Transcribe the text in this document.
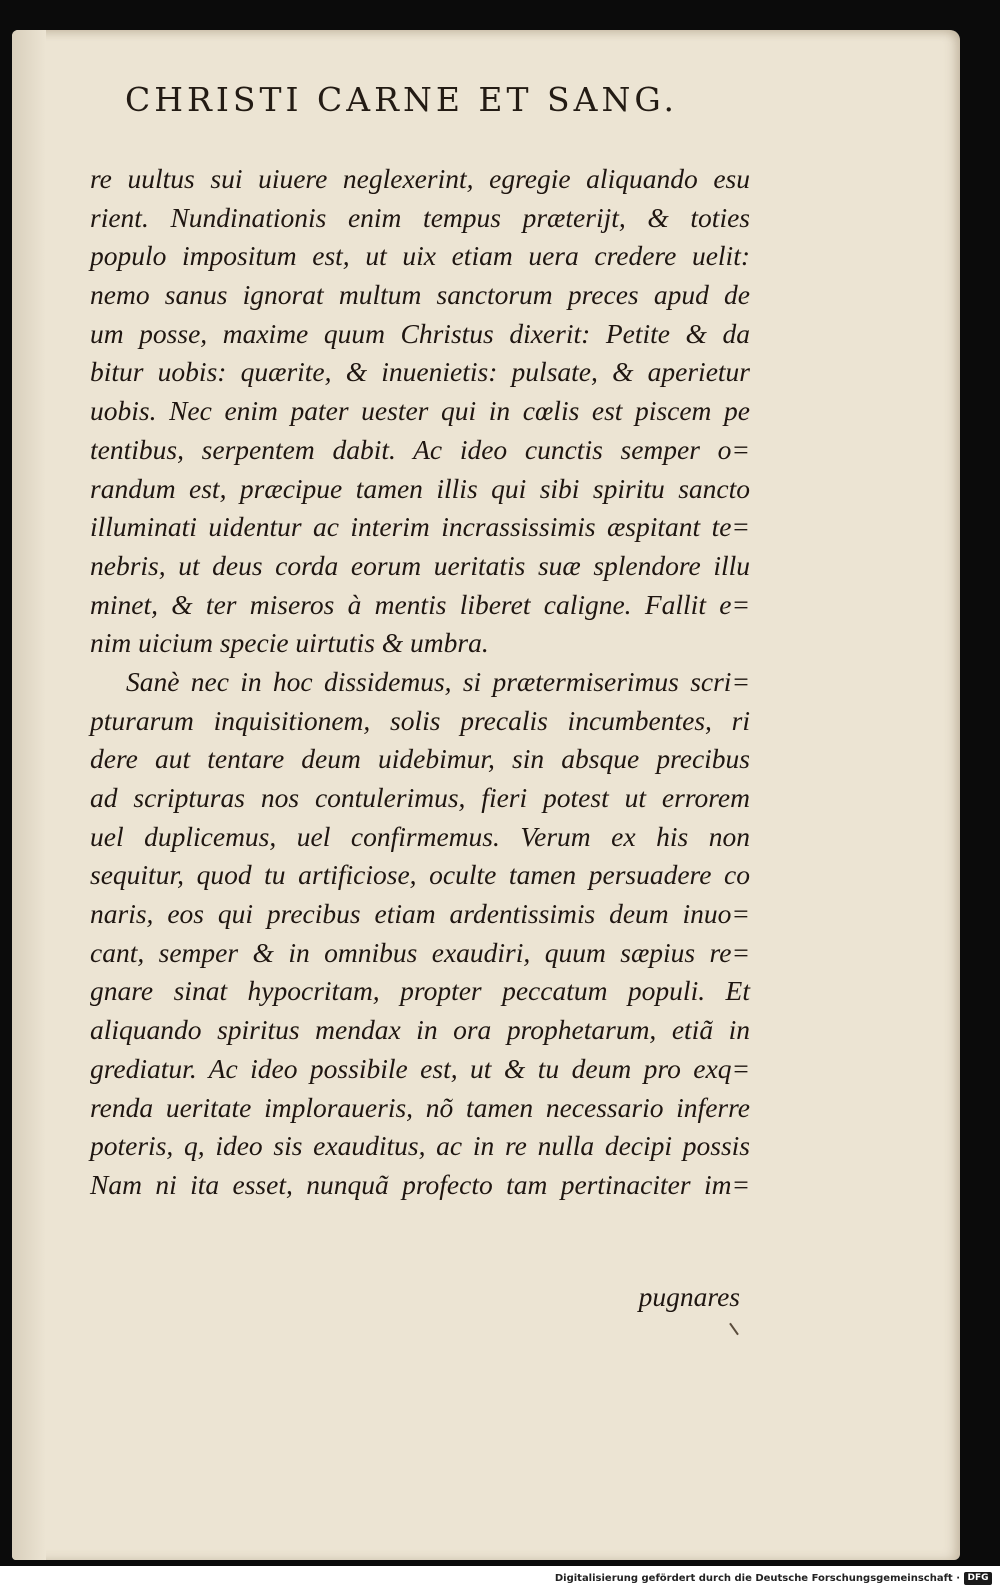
CHRISTI CARNE ET SANG.
re uultus sui uiuere neglexerint, egregie aliquando esu
rient. Nundinationis enim tempus præterijt, & toties
populo impositum est, ut uix etiam uera credere uelit:
nemo sanus ignorat multum sanctorum preces apud de
um posse, maxime quum Christus dixerit: Petite & da
bitur uobis: quærite, & inuenietis: pulsate, & aperietur
uobis. Nec enim pater uester qui in cœlis est piscem pe
tentibus, serpentem dabit. Ac ideo cunctis semper o=
randum est, præcipue tamen illis qui sibi spiritu sancto
illuminati uidentur ac interim incrassissimis æspitant te=
nebris, ut deus corda eorum ueritatis suæ splendore illu
minet, & ter miseros à mentis liberet caligne. Fallit e=
nim uicium specie uirtutis & umbra.
Sanè nec in hoc dissidemus, si prætermiserimus scri=
pturarum inquisitionem, solis precalis incumbentes, ri
dere aut tentare deum uidebimur, sin absque precibus
ad scripturas nos contulerimus, fieri potest ut errorem
uel duplicemus, uel confirmemus. Verum ex his non
sequitur, quod tu artificiose, oculte tamen persuadere co
naris, eos qui precibus etiam ardentissimis deum inuo=
cant, semper & in omnibus exaudiri, quum sæpius re=
gnare sinat hypocritam, propter peccatum populi. Et
aliquando spiritus mendax in ora prophetarum, etiã in
grediatur. Ac ideo possibile est, ut & tu deum pro exq=
renda ueritate imploraueris, nõ tamen necessario inferre
poteris, q, ideo sis exauditus, ac in re nulla decipi possis
Nam ni ita esset, nunquã profecto tam pertinaciter im=
pugnares
Digitalisierung gefördert durch die Deutsche Forschungsgemeinschaft · DFG
